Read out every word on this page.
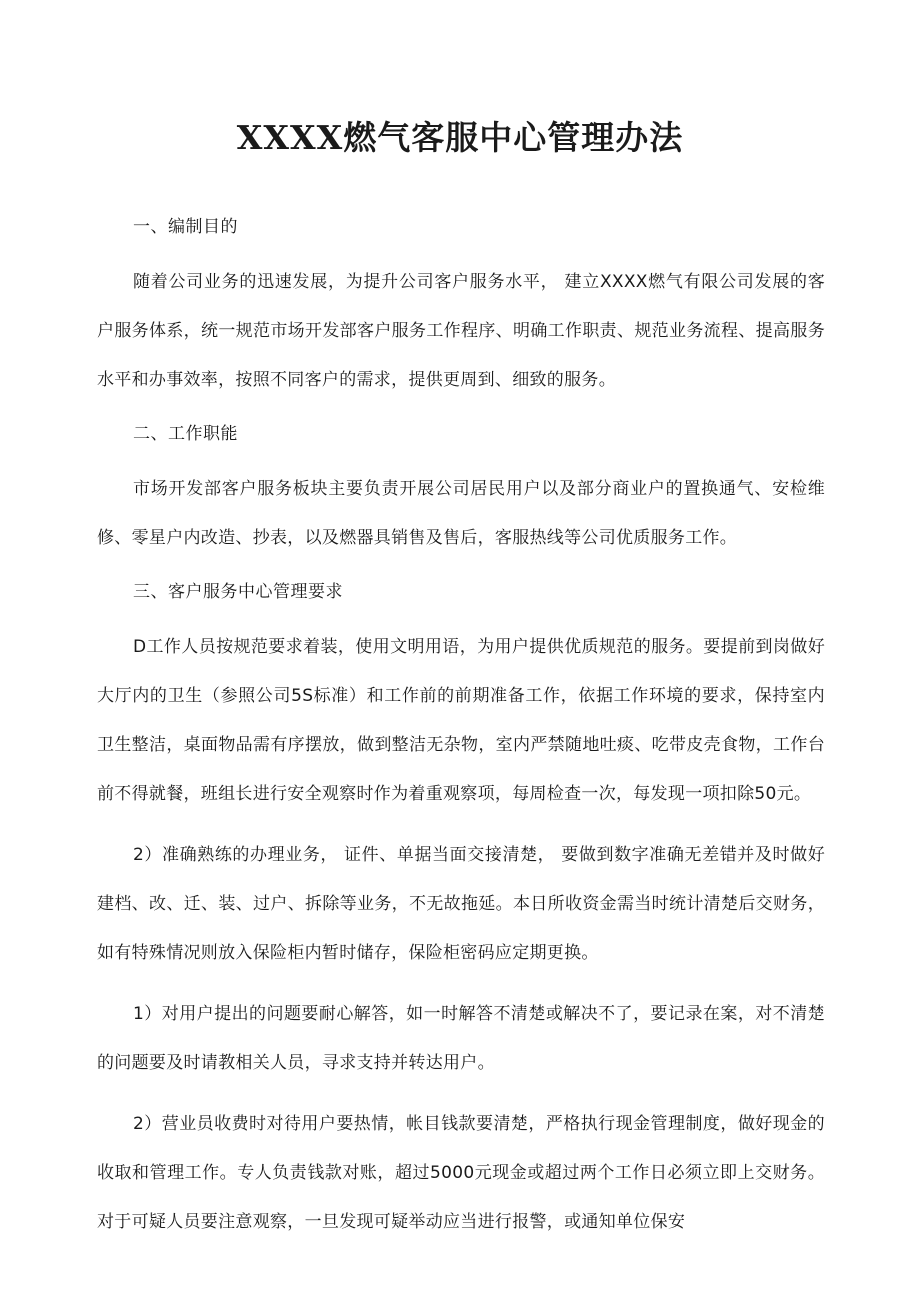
XXXX燃气客服中心管理办法
一、编制目的

随着公司业务的迅速发展，为提升公司客户服务水平， 建立XXXX燃气有限公司发展的客户服务体系，统一规范市场开发部客户服务工作程序、明确工作职责、规范业务流程、提高服务水平和办事效率，按照不同客户的需求，提供更周到、细致的服务。

二、工作职能

市场开发部客户服务板块主要负责开展公司居民用户以及部分商业户的置换通气、安检维修、零星户内改造、抄表，以及燃器具销售及售后，客服热线等公司优质服务工作。

三、客户服务中心管理要求

D工作人员按规范要求着装，使用文明用语，为用户提供优质规范的服务。要提前到岗做好大厅内的卫生（参照公司5S标准）和工作前的前期准备工作，依据工作环境的要求，保持室内卫生整洁，桌面物品需有序摆放，做到整洁无杂物，室内严禁随地吐痰、吃带皮壳食物，工作台前不得就餐，班组长进行安全观察时作为着重观察项，每周检查一次，每发现一项扣除50元。

2）准确熟练的办理业务， 证件、单据当面交接清楚， 要做到数字准确无差错并及时做好建档、改、迁、装、过户、拆除等业务，不无故拖延。本日所收资金需当时统计清楚后交财务，如有特殊情况则放入保险柜内暂时储存，保险柜密码应定期更换。

1）对用户提出的问题要耐心解答，如一时解答不清楚或解决不了，要记录在案，对不清楚的问题要及时请教相关人员，寻求支持并转达用户。

2）营业员收费时对待用户要热情，帐目钱款要清楚，严格执行现金管理制度，做好现金的收取和管理工作。专人负责钱款对账，超过5000元现金或超过两个工作日必须立即上交财务。对于可疑人员要注意观察，一旦发现可疑举动应当进行报警，或通知单位保安
